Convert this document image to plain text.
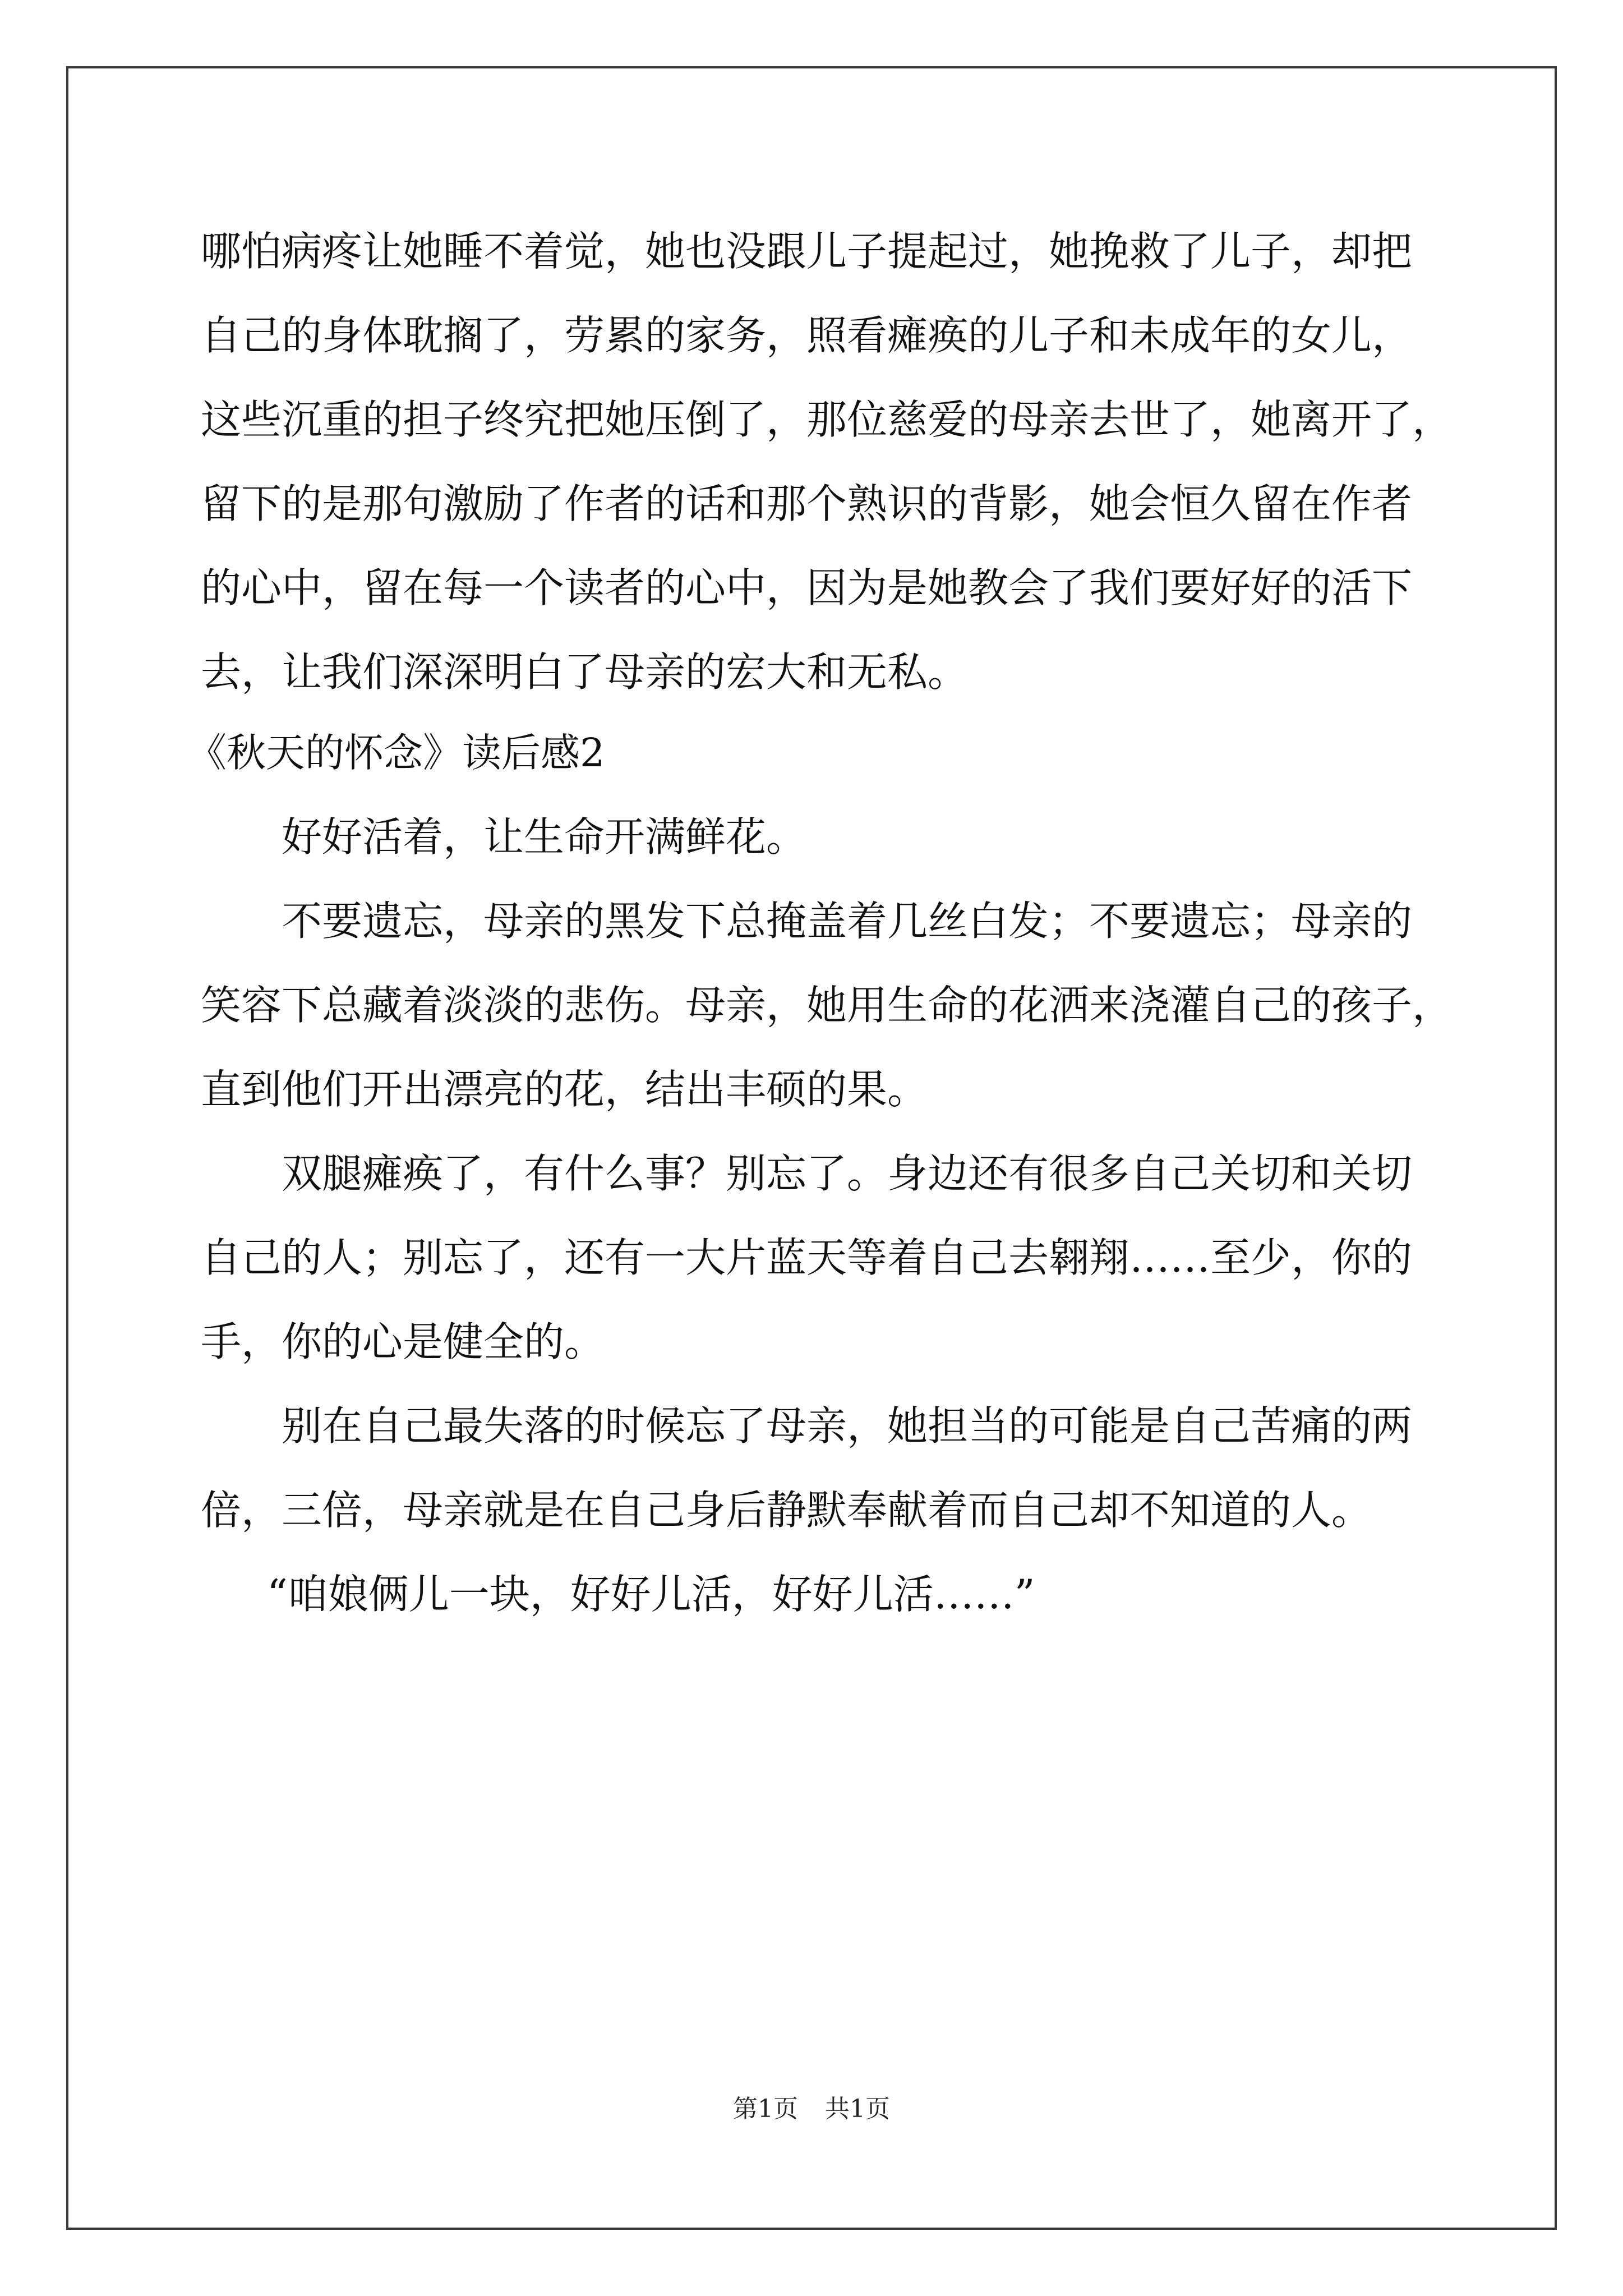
哪怕病疼让她睡不着觉，她也没跟儿子提起过，她挽救了儿子，却把
自己的身体耽搁了，劳累的家务，照看瘫痪的儿子和未成年的女儿，
这些沉重的担子终究把她压倒了，那位慈爱的母亲去世了，她离开了，
留下的是那句激励了作者的话和那个熟识的背影，她会恒久留在作者
的心中，留在每一个读者的心中，因为是她教会了我们要好好的活下
去，让我们深深明白了母亲的宏大和无私。
《秋天的怀念》读后感2
好好活着，让生命开满鲜花。
不要遗忘，母亲的黑发下总掩盖着几丝白发；不要遗忘；母亲的
笑容下总藏着淡淡的悲伤。母亲，她用生命的花洒来浇灌自己的孩子，
直到他们开出漂亮的花，结出丰硕的果。
双腿瘫痪了，有什么事？别忘了。身边还有很多自己关切和关切
自己的人；别忘了，还有一大片蓝天等着自己去翱翔……至少，你的
手，你的心是健全的。
别在自己最失落的时候忘了母亲，她担当的可能是自己苦痛的两
倍，三倍，母亲就是在自己身后静默奉献着而自己却不知道的人。
“咱娘俩儿一块，好好儿活，好好儿活……”
第1页 共1页
